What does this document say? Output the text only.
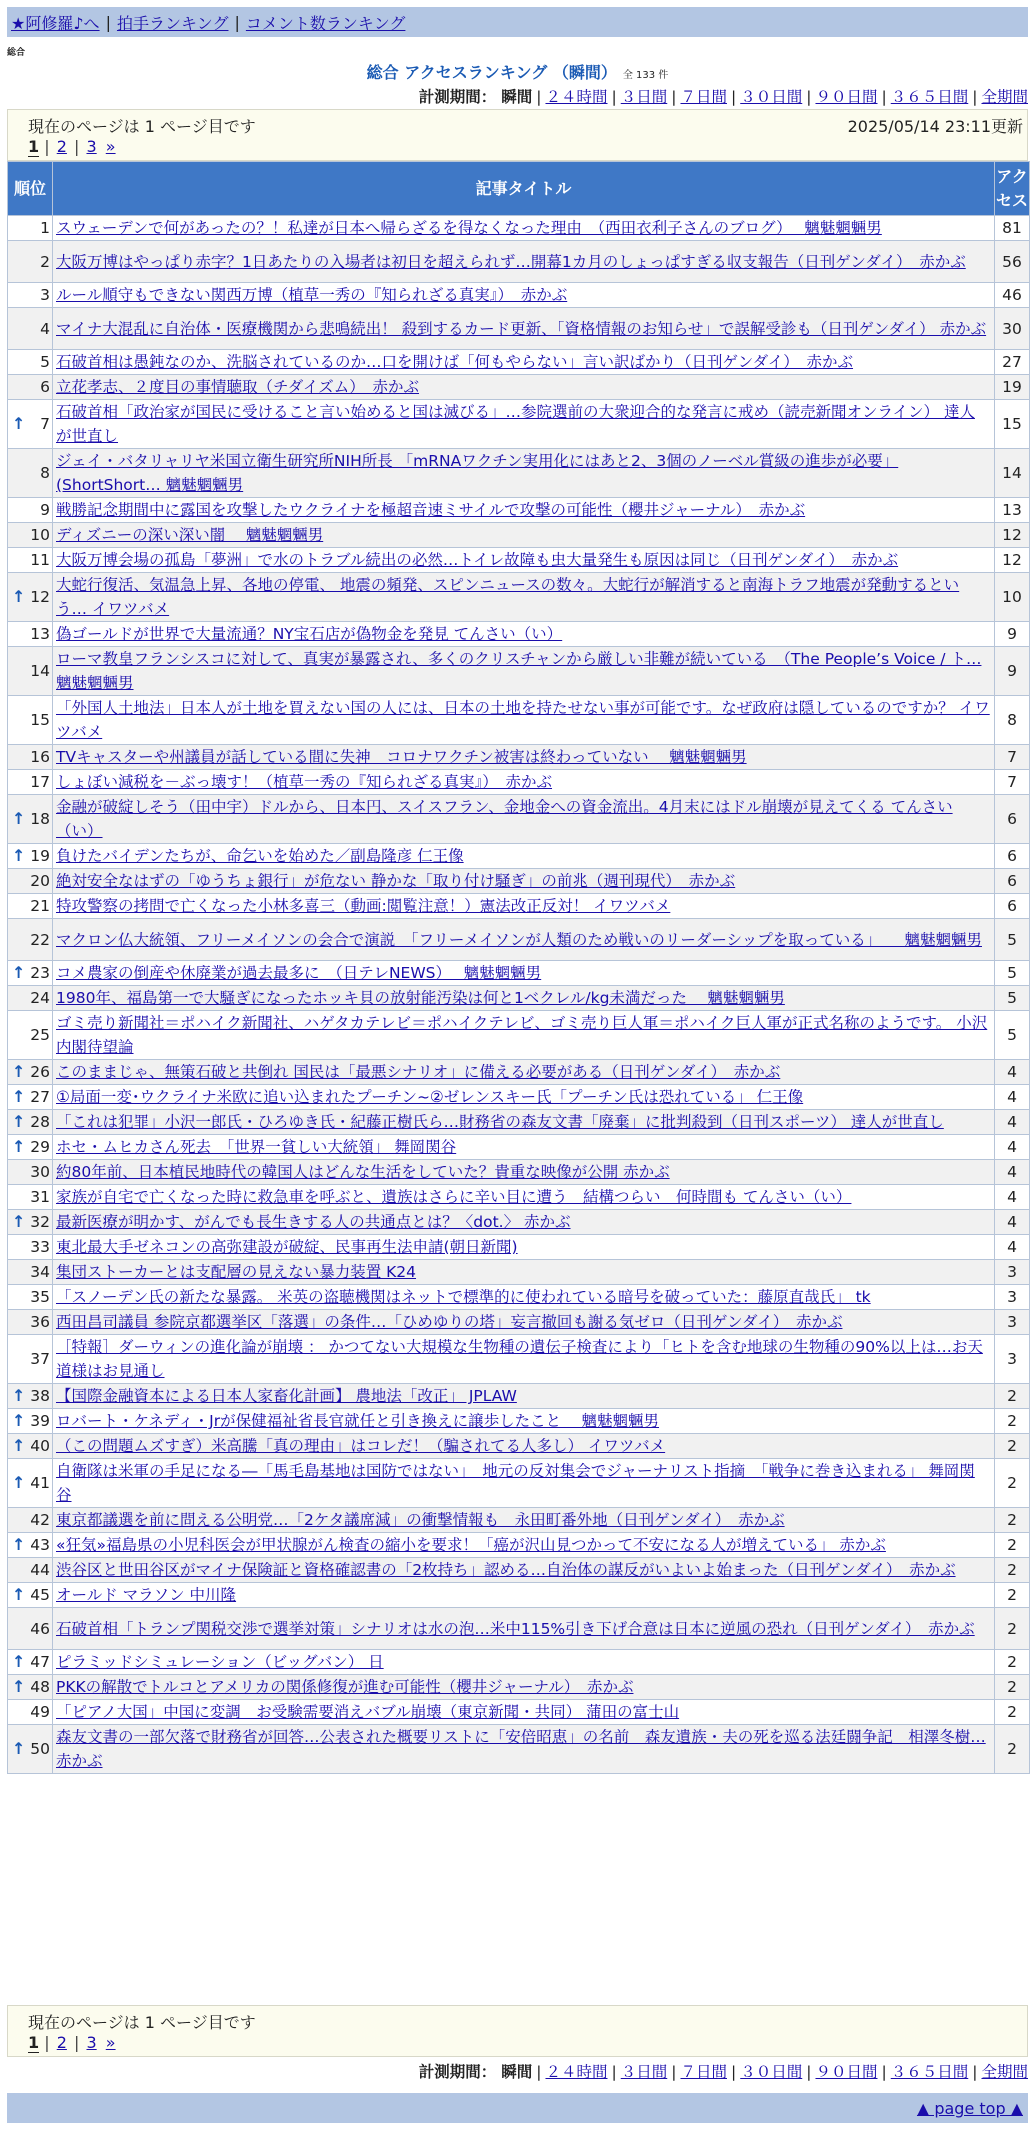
★阿修羅♪へ | 拍手ランキング | コメント数ランキング
総合
総合 アクセスランキング （瞬間） 全 133 件
計測期間： 瞬間 | ２４時間 | ３日間 | ７日間 | ３０日間 | ９０日間 | ３６５日間 | 全期間
現在のページは 1 ページ目です	2025/05/14 23:11更新
1 | 2 | 3 »
順位	記事タイトル	アクセス
1	スウェーデンで何があったの？！私達が日本へ帰らざるを得なくなった理由　（西田衣利子さんのブログ）　 魑魅魍魎男	81
2	大阪万博はやっぱり赤字？1日あたりの入場者は初日を超えられず…開幕1カ月のしょっぱすぎる収支報告（日刊ゲンダイ）　赤かぶ	56
3	ルール順守もできない関西万博（植草一秀の『知られざる真実』）　赤かぶ	46
4	マイナ大混乱に自治体・医療機関から悲鳴続出！ 殺到するカード更新、「資格情報のお知らせ」で誤解受診も（日刊ゲンダイ） 赤かぶ	30
5	石破首相は愚鈍なのか、洗脳されているのか…口を開けば「何もやらない」言い訳ばかり（日刊ゲンダイ）　赤かぶ	27
6	立花孝志、２度目の事情聴取（チダイズム）　赤かぶ	19

↑ 7	石破首相「政治家が国民に受けること言い始めると国は滅びる」…参院選前の大衆迎合的な発言に戒め（読売新聞オンライン） 達人が世直し	15
8	ジェイ・バタリャリヤ米国立衛生研究所NIH所長 「mRNAワクチン実用化にはあと2、3個のノーベル賞級の進歩が必要」(ShortShort… 魑魅魍魎男	14
9	戦勝記念期間中に露国を攻撃したウクライナを極超音速ミサイルで攻撃の可能性（櫻井ジャーナル）　赤かぶ	13
10	ディズニーの深い深い闇　 魑魅魍魎男	12
11	大阪万博会場の孤島「夢洲」で水のトラブル続出の必然…トイレ故障も虫大量発生も原因は同じ（日刊ゲンダイ）　赤かぶ	12

↑ 12	大蛇行復活、気温急上昇、各地の停電、 地震の頻発、スピンニュースの数々。大蛇行が解消すると南海トラフ地震が発動するという… イワツバメ	10
13	偽ゴールドが世界で大量流通？NY宝石店が偽物金を発見 てんさい（い）	9
14	ローマ教皇フランシスコに対して、真実が暴露され、多くのクリスチャンから厳しい非難が続いている　（The People’s Voice / ト… 魑魅魍魎男	9
15	「外国人土地法」日本人が土地を買えない国の人には、日本の土地を持たせない事が可能です。なぜ政府は隠しているのですか？ イワツバメ	8
16	TVキャスターや州議員が話している間に失神　コロナワクチン被害は終わっていない　 魑魅魍魎男	7
17	しょぼい減税を－ぶっ壊す！（植草一秀の『知られざる真実』）　赤かぶ	7

↑ 18	金融が破綻しそう（田中宇）ドルから、日本円、スイスフラン、金地金への資金流出。4月末にはドル崩壊が見えてくる てんさい（い）	6

↑ 19	負けたバイデンたちが、命乞いを始めた／副島隆彦 仁王像	6
20	絶対安全なはずの「ゆうちょ銀行」が危ない 静かな「取り付け騒ぎ」の前兆（週刊現代）　赤かぶ	6
21	特攻警察の拷問で亡くなった小林多喜三（動画:閲覧注意！）憲法改正反対！ イワツバメ	6
22	マクロン仏大統領、フリーメイソンの会合で演説　「フリーメイソンが人類のため戦いのリーダーシップを取っている」　　魑魅魍魎男	5

↑ 23	コメ農家の倒産や休廃業が過去最多に　（日テレNEWS）　 魑魅魍魎男	5
24	1980年、福島第一で大騒ぎになったホッキ貝の放射能汚染は何と1ベクレル/kg未満だった　 魑魅魍魎男	5
25	ゴミ売り新聞社＝ポハイク新聞社、ハゲタカテレビ＝ポハイクテレビ、ゴミ売り巨人軍＝ポハイク巨人軍が正式名称のようです。 小沢内閣待望論	5

↑ 26	このままじゃ、無策石破と共倒れ 国民は「最悪シナリオ」に備える必要がある（日刊ゲンダイ）　赤かぶ	4

↑ 27	①局面一変･ウクライナ米欧に追い込まれたプーチン~②ゼレンスキー氏「プーチン氏は恐れている」 仁王像	4

↑ 28	「これは犯罪」小沢一郎氏・ひろゆき氏・紀藤正樹氏ら…財務省の森友文書「廃棄」に批判殺到（日刊スポーツ） 達人が世直し	4

↑ 29	ホセ・ムヒカさん死去　「世界一貧しい大統領」 舞岡関谷	4
30	約80年前、日本植民地時代の韓国人はどんな生活をしていた？貴重な映像が公開 赤かぶ	4
31	家族が自宅で亡くなった時に救急車を呼ぶと、遺族はさらに辛い目に遭う　結構つらい　何時間も てんさい（い）	4

↑ 32	最新医療が明かす、がんでも長生きする人の共通点とは？〈dot.〉 赤かぶ	4
33	東北最大手ゼネコンの高弥建設が破綻、民事再生法申請(朝日新聞)	4
34	集団ストーカーとは支配層の見えない暴力装置 K24	3
35	「スノーデン氏の新たな暴露。 米英の盗聴機関はネットで標準的に使われている暗号を破っていた：藤原直哉氏」 tk	3
36	西田昌司議員 参院京都選挙区「落選」の条件…「ひめゆりの塔」妄言撤回も謝る気ゼロ（日刊ゲンダイ）　赤かぶ	3
37	［特報］ダーウィンの進化論が崩壊 ： かつてない大規模な生物種の遺伝子検査により「ヒトを含む地球の生物種の90%以上は…お天道様はお見通し	3

↑ 38	【国際金融資本による日本人家畜化計画】 農地法「改正」 JPLAW	2

↑ 39	ロバート・ケネディ・Jrが保健福祉省長官就任と引き換えに譲歩したこと　 魑魅魍魎男	2

↑ 40	（この問題ムズすぎ）米高騰「真の理由」はコレだ！（騙されてる人多し） イワツバメ	2

↑ 41	自衛隊は米軍の手足になる―「馬毛島基地は国防ではない」　地元の反対集会でジャーナリスト指摘　「戦争に巻き込まれる」 舞岡関谷	2
42	東京都議選を前に問える公明党…「2ケタ議席減」の衝撃情報も　永田町番外地（日刊ゲンダイ）　赤かぶ	2

↑ 43	«狂気»福島県の小児科医会が甲状腺がん検査の縮小を要求！「癌が沢山見つかって不安になる人が増えている」 赤かぶ	2
44	渋谷区と世田谷区がマイナ保険証と資格確認書の「2枚持ち」認める…自治体の謀反がいよいよ始まった（日刊ゲンダイ）　赤かぶ	2

↑ 45	オールド マラソン 中川隆	2
46	石破首相「トランプ関税交渉で選挙対策」シナリオは水の泡…米中115%引き下げ合意は日本に逆風の恐れ（日刊ゲンダイ）　赤かぶ	2

↑ 47	ピラミッドシミュレーション（ビッグバン） 日	2

↑ 48	PKKの解散でトルコとアメリカの関係修復が進む可能性（櫻井ジャーナル）　赤かぶ	2
49	「ピアノ大国」中国に変調　お受験需要消えバブル崩壊（東京新聞・共同） 蒲田の富士山	2

↑ 50	森友文書の一部欠落で財務省が回答…公表された概要リストに「安倍昭恵」の名前　森友遺族・夫の死を巡る法廷闘争記　相澤冬樹… 赤かぶ	2
現在のページは 1 ページ目です
1 | 2 | 3 »
計測期間： 瞬間 | ２４時間 | ３日間 | ７日間 | ３０日間 | ９０日間 | ３６５日間 | 全期間
▲ page top ▲
